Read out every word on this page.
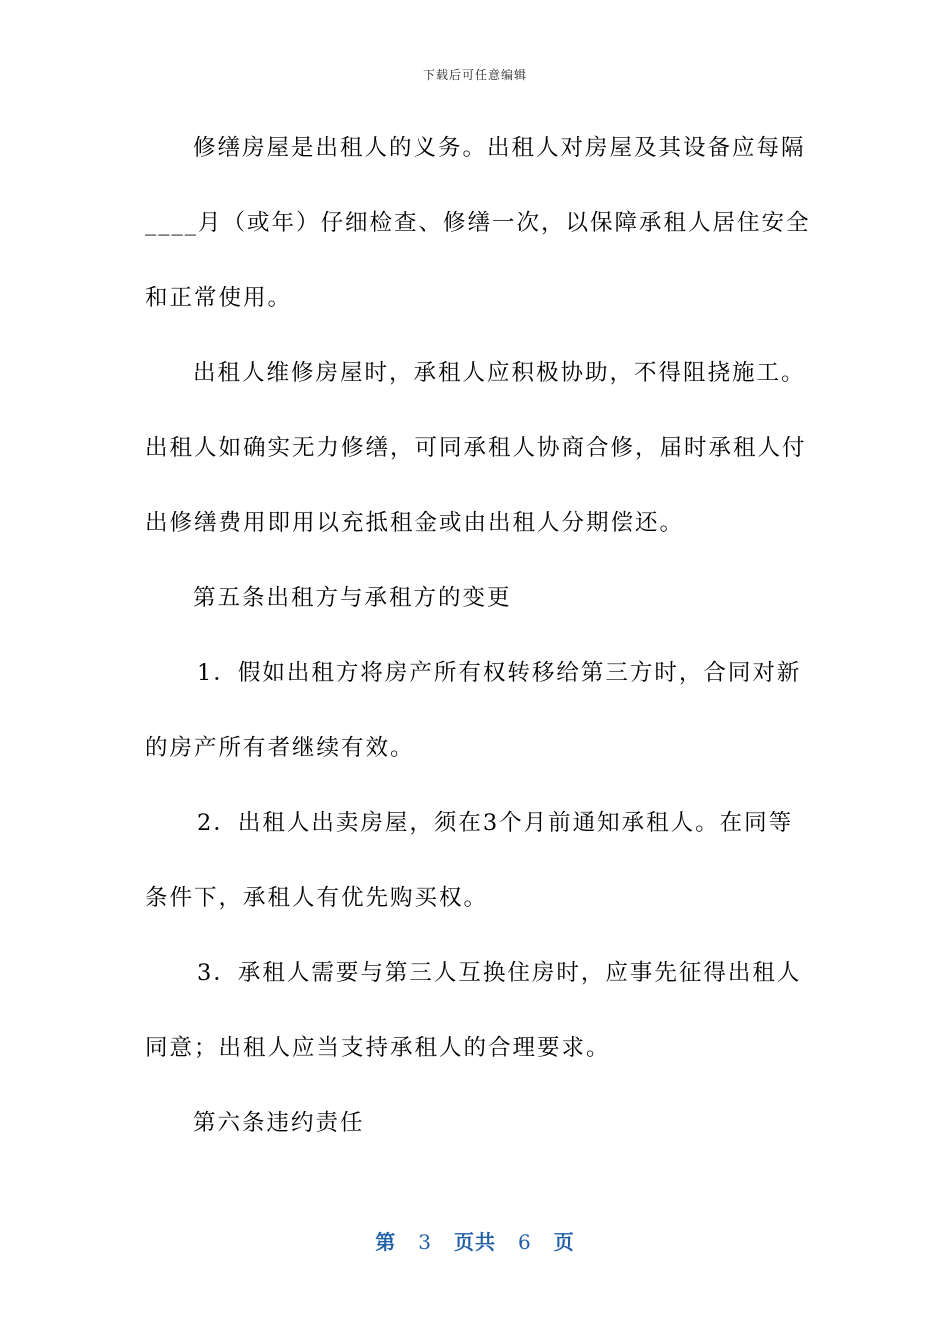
下载后可任意编辑
修缮房屋是出租人的义务。出租人对房屋及其设备应每隔
____月（或年）仔细检查、修缮一次，以保障承租人居住安全
和正常使用。
出租人维修房屋时，承租人应积极协助，不得阻挠施工。
出租人如确实无力修缮，可同承租人协商合修，届时承租人付
出修缮费用即用以充抵租金或由出租人分期偿还。
第五条出租方与承租方的变更
1．假如出租方将房产所有权转移给第三方时，合同对新
的房产所有者继续有效。
2．出租人出卖房屋，须在3个月前通知承租人。在同等
条件下，承租人有优先购买权。
3．承租人需要与第三人互换住房时，应事先征得出租人
同意；出租人应当支持承租人的合理要求。
第六条违约责任
第 3 页共 6 页
